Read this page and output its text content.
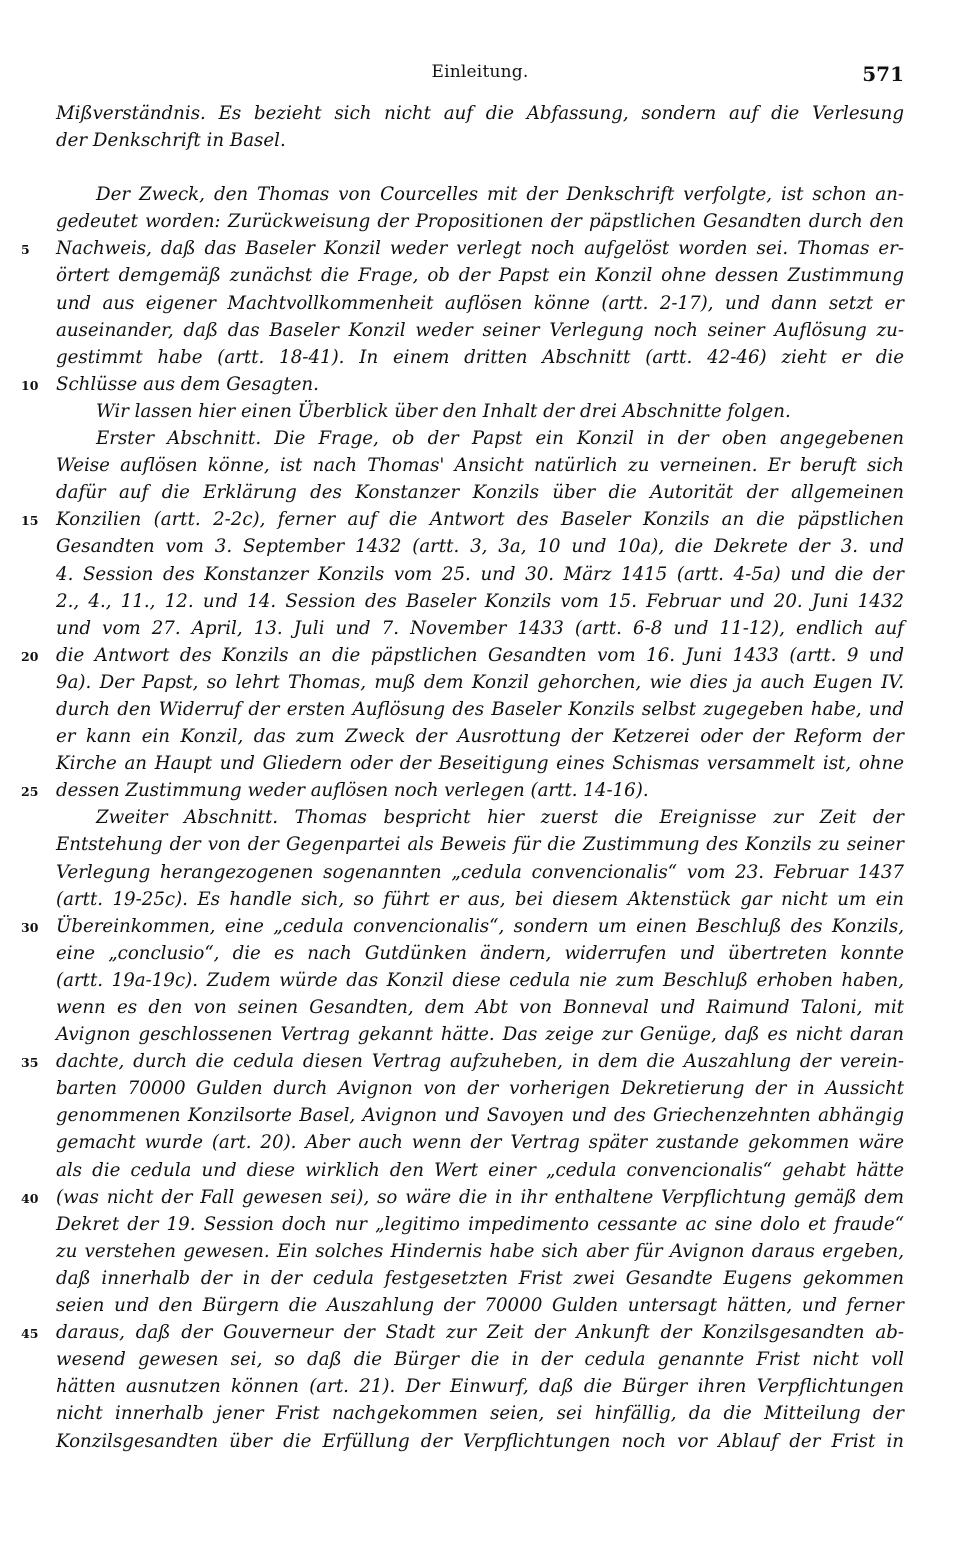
Einleitung.	571
Mißverständnis. Es bezieht sich nicht auf die Abfassung, sondern auf die Verlesung
der Denkschrift in Basel.
Der Zweck, den Thomas von Courcelles mit der Denkschrift verfolgte, ist schon an-
gedeutet worden: Zurückweisung der Propositionen der päpstlichen Gesandten durch den
5	Nachweis, daß das Baseler Konzil weder verlegt noch aufgelöst worden sei. Thomas er-
örtert demgemäß zunächst die Frage, ob der Papst ein Konzil ohne dessen Zustimmung
und aus eigener Machtvollkommenheit auflösen könne (artt. 2-17), und dann setzt er
auseinander, daß das Baseler Konzil weder seiner Verlegung noch seiner Auflösung zu-
gestimmt habe (artt. 18-41). In einem dritten Abschnitt (artt. 42-46) zieht er die
10 Schlüsse aus dem Gesagten.
Wir lassen hier einen Überblick über den Inhalt der drei Abschnitte folgen.
Erster Abschnitt. Die Frage, ob der Papst ein Konzil in der oben angegebenen
Weise auflösen könne, ist nach Thomas' Ansicht natürlich zu verneinen. Er beruft sich
dafür auf die Erklärung des Konstanzer Konzils über die Autorität der allgemeinen
15 Konzilien (artt. 2-2c), ferner auf die Antwort des Baseler Konzils an die päpstlichen
Gesandten vom 3. September 1432 (artt. 3, 3a, 10 und 10a), die Dekrete der 3. und
4. Session des Konstanzer Konzils vom 25. und 30. März 1415 (artt. 4-5a) und die der
2., 4., 11., 12. und 14. Session des Baseler Konzils vom 15. Februar und 20. Juni 1432
und vom 27. April, 13. Juli und 7. November 1433 (artt. 6-8 und 11-12), endlich auf
20 die Antwort des Konzils an die päpstlichen Gesandten vom 16. Juni 1433 (artt. 9 und
9a). Der Papst, so lehrt Thomas, muß dem Konzil gehorchen, wie dies ja auch Eugen IV.
durch den Widerruf der ersten Auflösung des Baseler Konzils selbst zugegeben habe, und
er kann ein Konzil, das zum Zweck der Ausrottung der Ketzerei oder der Reform der
Kirche an Haupt und Gliedern oder der Beseitigung eines Schismas versammelt ist, ohne
25 dessen Zustimmung weder auflösen noch verlegen (artt. 14-16).
Zweiter Abschnitt. Thomas bespricht hier zuerst die Ereignisse zur Zeit der
Entstehung der von der Gegenpartei als Beweis für die Zustimmung des Konzils zu seiner
Verlegung herangezogenen sogenannten „cedula convencionalis“ vom 23. Februar 1437
(artt. 19-25c). Es handle sich, so führt er aus, bei diesem Aktenstück gar nicht um ein
30 Übereinkommen, eine „cedula convencionalis“, sondern um einen Beschluß des Konzils,
eine „conclusio“, die es nach Gutdünken ändern, widerrufen und übertreten konnte
(artt. 19a-19c). Zudem würde das Konzil diese cedula nie zum Beschluß erhoben haben,
wenn es den von seinen Gesandten, dem Abt von Bonneval und Raimund Taloni, mit
Avignon geschlossenen Vertrag gekannt hätte. Das zeige zur Genüge, daß es nicht daran
35 dachte, durch die cedula diesen Vertrag aufzuheben, in dem die Auszahlung der verein-
barten 70000 Gulden durch Avignon von der vorherigen Dekretierung der in Aussicht
genommenen Konzilsorte Basel, Avignon und Savoyen und des Griechenzehnten abhängig
gemacht wurde (art. 20). Aber auch wenn der Vertrag später zustande gekommen wäre
als die cedula und diese wirklich den Wert einer „cedula convencionalis“ gehabt hätte
40 (was nicht der Fall gewesen sei), so wäre die in ihr enthaltene Verpflichtung gemäß dem
Dekret der 19. Session doch nur „legitimo impedimento cessante ac sine dolo et fraude“
zu verstehen gewesen. Ein solches Hindernis habe sich aber für Avignon daraus ergeben,
daß innerhalb der in der cedula festgesetzten Frist zwei Gesandte Eugens gekommen
seien und den Bürgern die Auszahlung der 70000 Gulden untersagt hätten, und ferner
45 daraus, daß der Gouverneur der Stadt zur Zeit der Ankunft der Konzilsgesandten ab-
wesend gewesen sei, so daß die Bürger die in der cedula genannte Frist nicht voll
hätten ausnutzen können (art. 21). Der Einwurf, daß die Bürger ihren Verpflichtungen
nicht innerhalb jener Frist nachgekommen seien, sei hinfällig, da die Mitteilung der
Konzilsgesandten über die Erfüllung der Verpflichtungen noch vor Ablauf der Frist in
